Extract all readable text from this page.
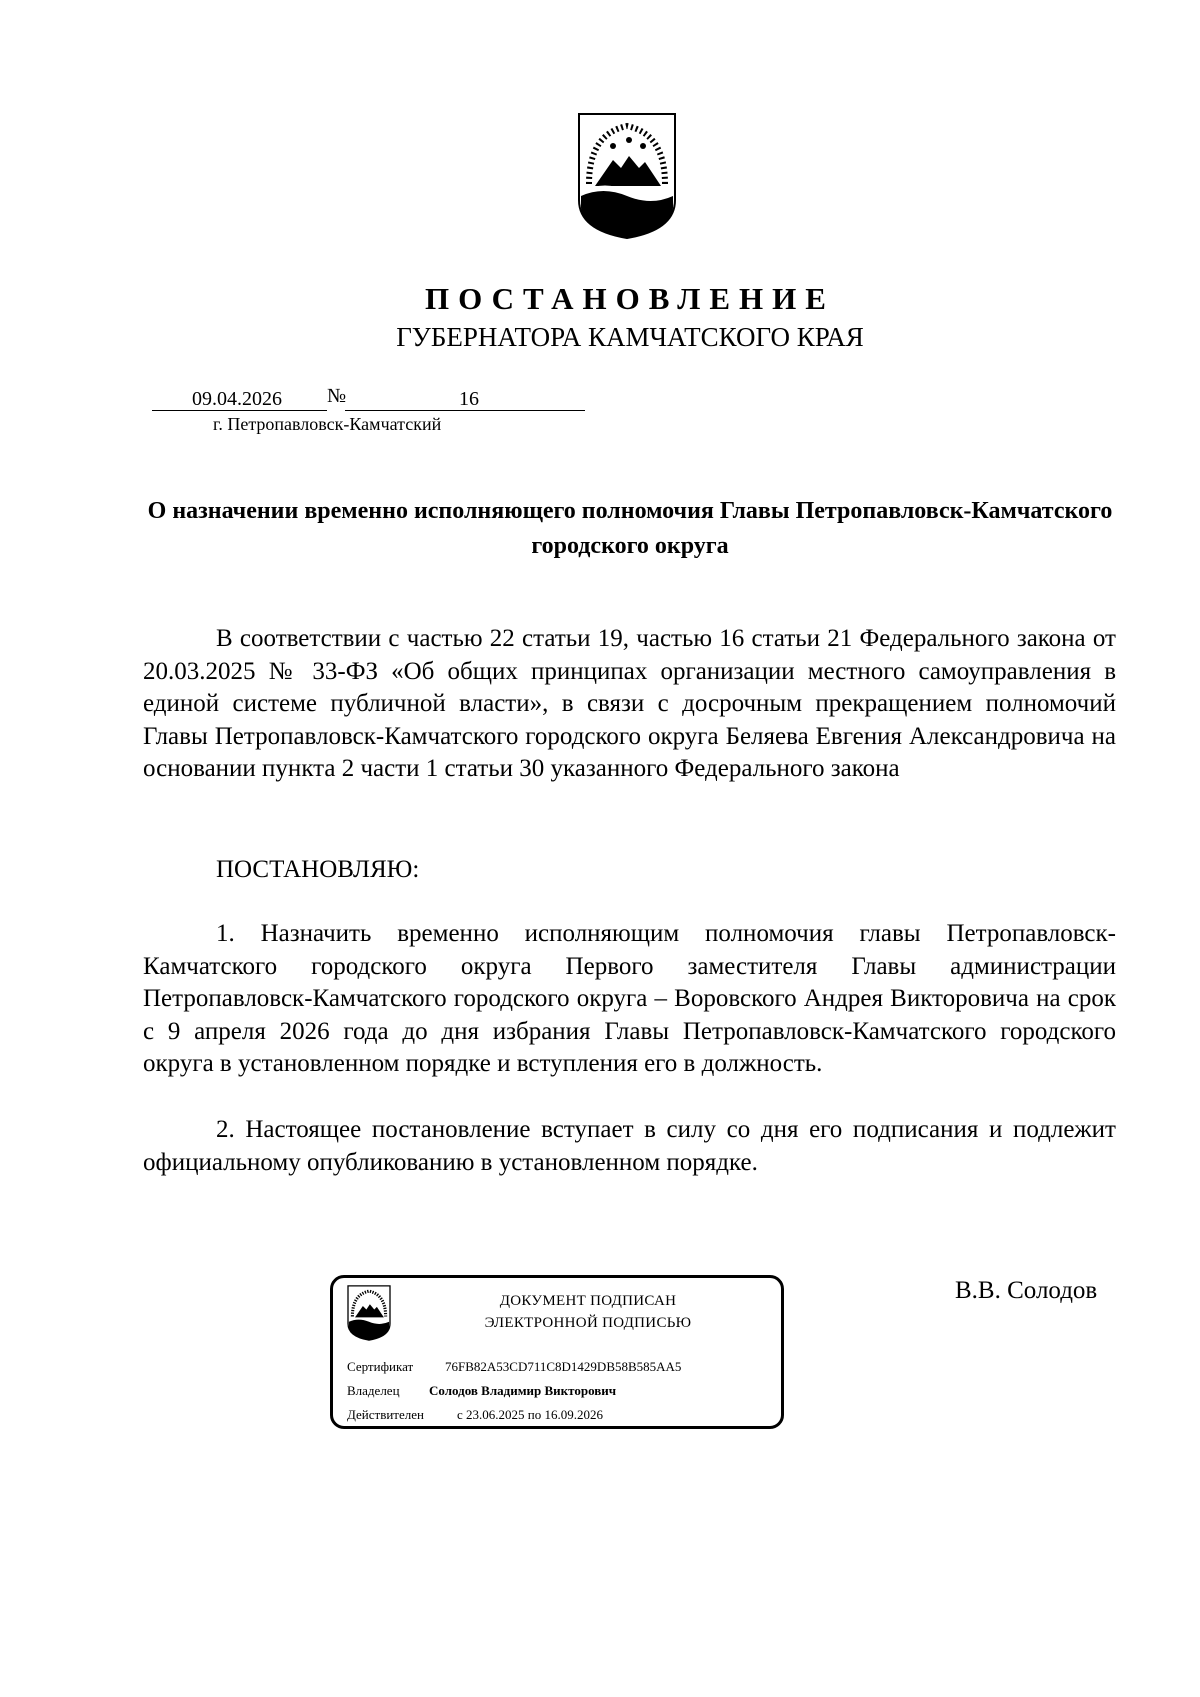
ПОСТАНОВЛЕНИЕ

ГУБЕРНАТОРА КАМЧАТСКОГО КРАЯ

09.04.2026 №	16
г. Петропавловск-Камчатский

О назначении временно исполняющего полномочия Главы Петропавловск-Камчатского городского округа

В соответствии с частью 22 статьи 19, частью 16 статьи 21 Федерального закона от 20.03.2025 № 33-ФЗ «Об общих принципах организации местного самоуправления в единой системе публичной власти», в связи с досрочным прекращением полномочий Главы Петропавловск-Камчатского городского округа Беляева Евгения Александровича на основании пункта 2 части 1 статьи 30 указанного Федерального закона

ПОСТАНОВЛЯЮ:

1. Назначить временно исполняющим полномочия главы Петропавловск-Камчатского городского округа Первого заместителя Главы администрации Петропавловск-Камчатского городского округа – Воровского Андрея Викторовича на срок с 9 апреля 2026 года до дня избрания Главы Петропавловск-Камчатского городского округа в установленном порядке и вступления его в должность.

2. Настоящее постановление вступает в силу со дня его подписания и подлежит официальному опубликованию в установленном порядке.

ДОКУМЕНТ ПОДПИСАН
ЭЛЕКТРОННОЙ ПОДПИСЬЮ
Сертификат 76FB82A53CD711C8D1429DB58B585AA5
Владелец Солодов Владимир Викторович
Действителен	с 23.06.2025 по 16.09.2026
В.В. Солодов
